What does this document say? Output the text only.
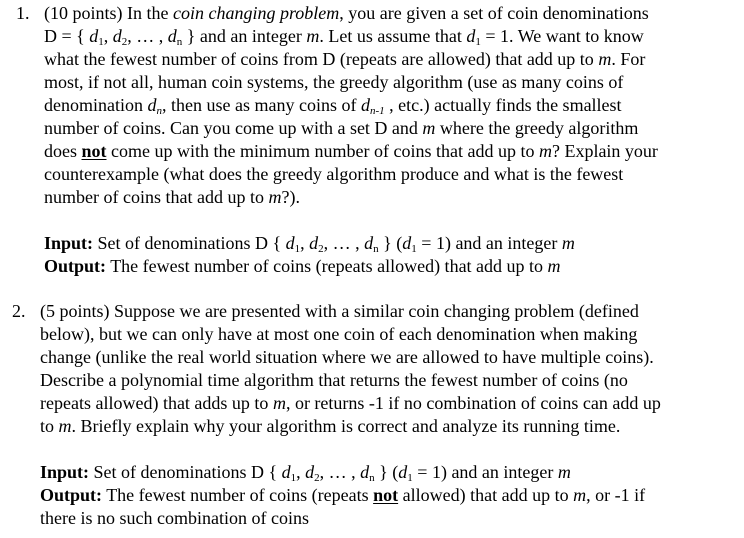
1. (10 points) In the coin changing problem, you are given a set of coin denominations
D = { $d_1$, $d_2$, … , $d_n$ } and an integer m. Let us assume that $d_1 = 1$. We want to know
what the fewest number of coins from D (repeats are allowed) that add up to m. For
most, if not all, human coin systems, the greedy algorithm (use as many coins of
denomination $d_n$, then use as many coins of $d_{n-1}$ , etc.) actually finds the smallest
number of coins. Can you come up with a set D and m where the greedy algorithm
does not come up with the minimum number of coins that add up to m? Explain your
counterexample (what does the greedy algorithm produce and what is the fewest
number of coins that add up to m?).
Input: Set of denominations D { $d_1$, $d_2$, … , $d_n$ } $(d_1 = 1)$ and an integer m
Output: The fewest number of coins (repeats allowed) that add up to m
2. (5 points) Suppose we are presented with a similar coin changing problem (defined
below), but we can only have at most one coin of each denomination when making
change (unlike the real world situation where we are allowed to have multiple coins).
Describe a polynomial time algorithm that returns the fewest number of coins (no
repeats allowed) that adds up to m, or returns -1 if no combination of coins can add up
to m. Briefly explain why your algorithm is correct and analyze its running time.
Input: Set of denominations D { $d_1$, $d_2$, … , $d_n$ } $(d_1 = 1)$ and an integer m
Output: The fewest number of coins (repeats not allowed) that add up to m, or -1 if
there is no such combination of coins
